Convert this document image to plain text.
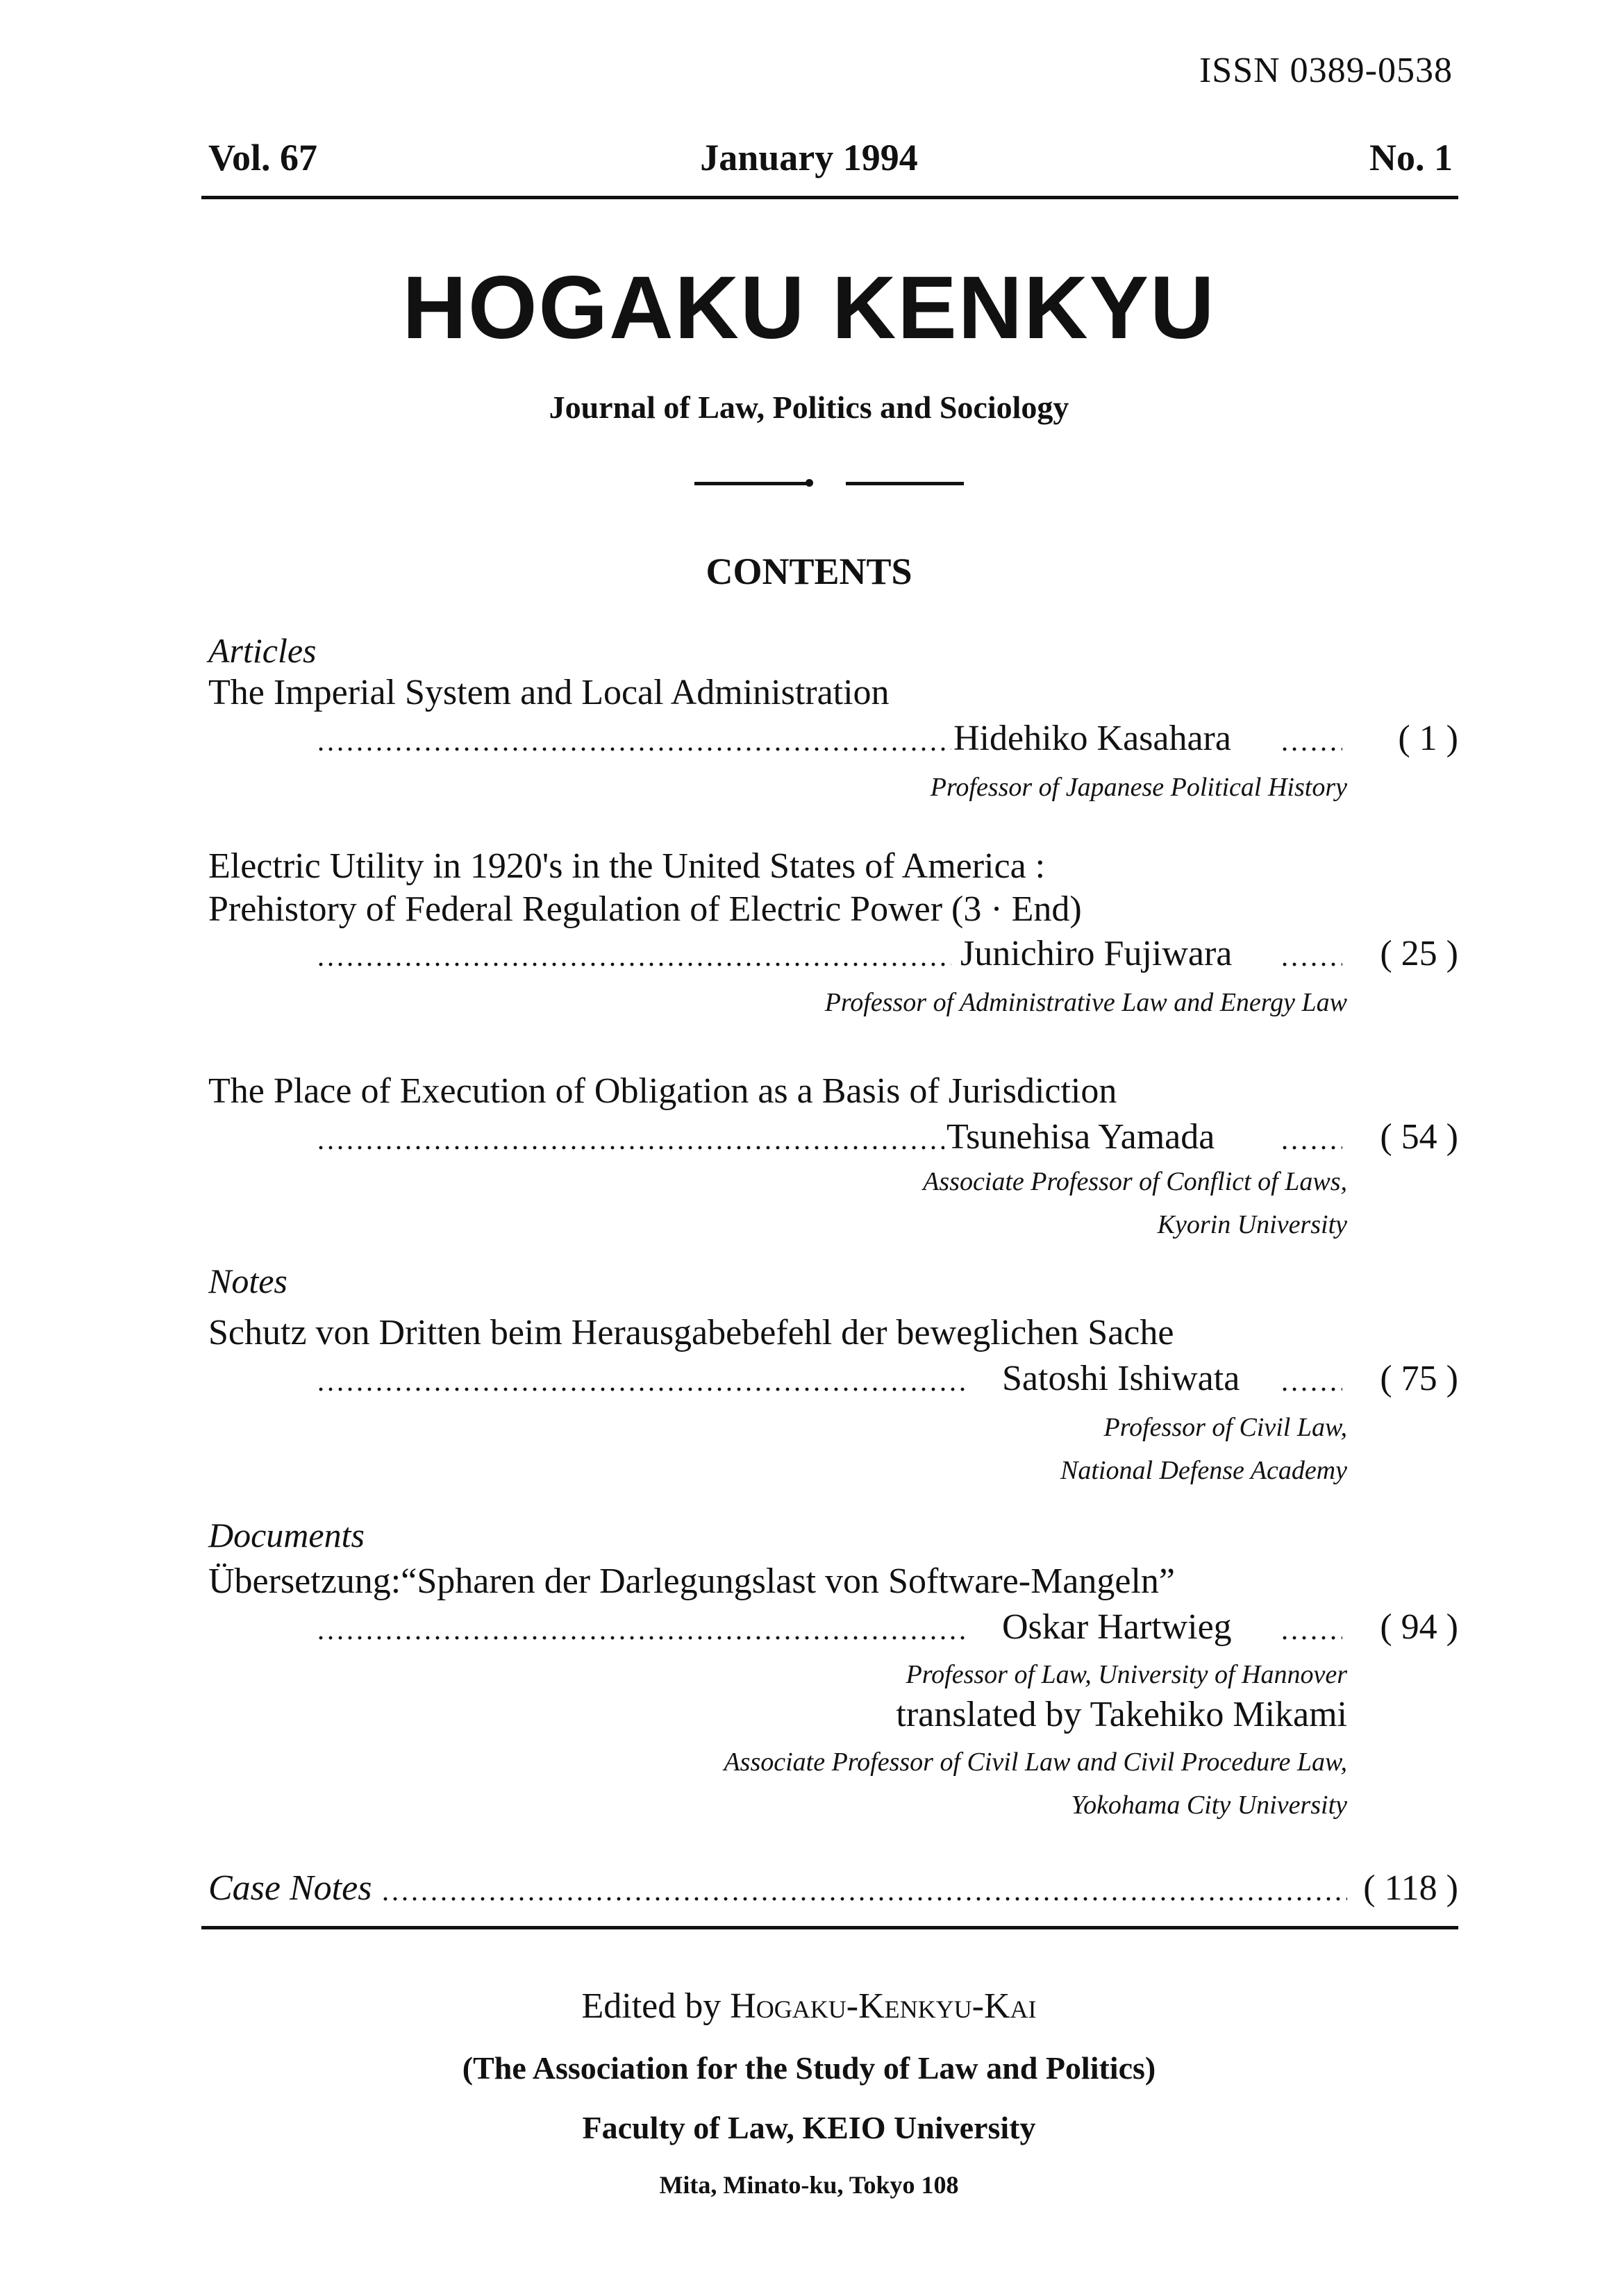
ISSN 0389-0538
Vol. 67	January 1994	No. 1
HOGAKU KENKYU
Journal of Law, Politics and Sociology
CONTENTS
Articles
The Imperial System and Local Administration
Hidehiko Kasahara	( 1 )
Professor of Japanese Political History
Electric Utility in 1920's in the United States of America :
Prehistory of Federal Regulation of Electric Power (3 · End)
Junichiro Fujiwara	( 25 )
Professor of Administrative Law and Energy Law
The Place of Execution of Obligation as a Basis of Jurisdiction
Tsunehisa Yamada	( 54 )
Associate Professor of Conflict of Laws,
Kyorin University
Notes
Schutz von Dritten beim Herausgabebefehl der beweglichen Sache
Satoshi Ishiwata	( 75 )
Professor of Civil Law,
National Defense Academy
Documents
Übersetzung:“Spharen der Darlegungslast von Software-Mangeln”
Oskar Hartwieg	( 94 )
Professor of Law, University of Hannover
translated by Takehiko Mikami
Associate Professor of Civil Law and Civil Procedure Law,
Yokohama City University
Case Notes	( 118 )
Edited by Hogaku-Kenkyu-Kai
(The Association for the Study of Law and Politics)
Faculty of Law, KEIO University
Mita, Minato-ku, Tokyo 108
